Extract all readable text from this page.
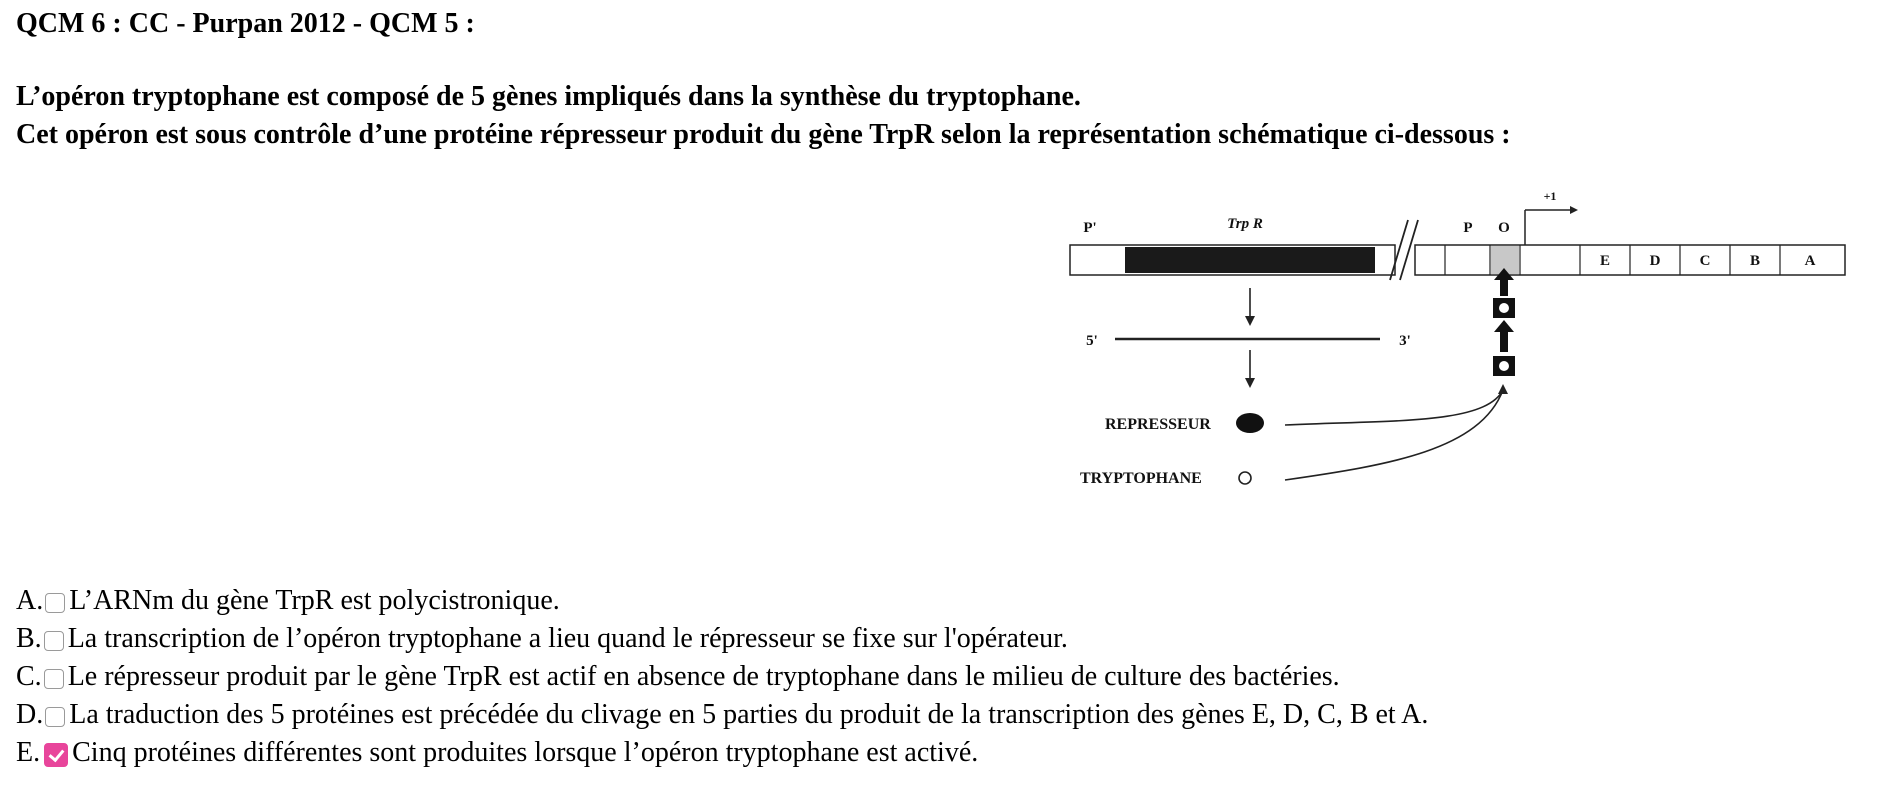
QCM 6 : CC - Purpan 2012 - QCM 5 :
L’opéron tryptophane est composé de 5 gènes impliqués dans la synthèse du tryptophane.
Cet opéron est sous contrôle d’une protéine répresseur produit du gène TrpR selon la représentation schématique ci-dessous :
E	D	C	B	A
P'	Trp R	P O
+1
5'	3'
REPRESSEUR
TRYPTOPHANE
A. L’ARNm du gène TrpR est polycistronique.
B. La transcription de l’opéron tryptophane a lieu quand le répresseur se fixe sur l'opérateur.
C. Le répresseur produit par le gène TrpR est actif en absence de tryptophane dans le milieu de culture des bactéries.
D. La traduction des 5 protéines est précédée du clivage en 5 parties du produit de la transcription des gènes E, D, C, B et A.
E. Cinq protéines différentes sont produites lorsque l’opéron tryptophane est activé.
